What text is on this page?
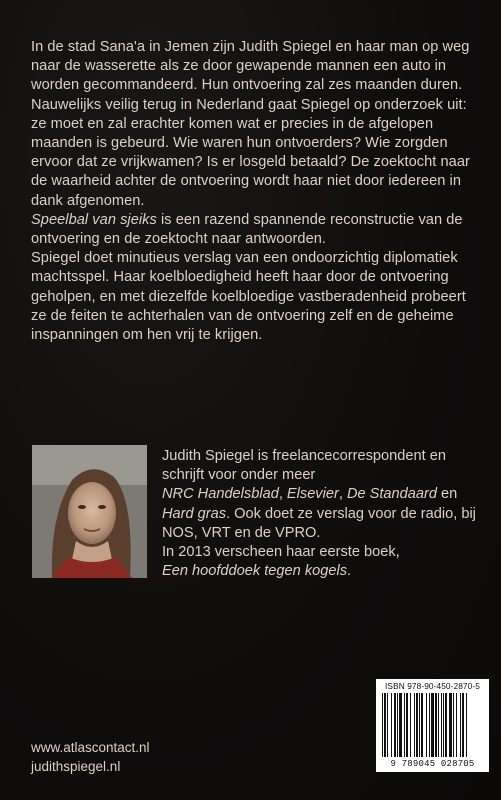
In de stad Sana'a in Jemen zijn Judith Spiegel en haar man op weg naar de wasserette als ze door gewapende mannen een auto in worden gecommandeerd. Hun ontvoering zal zes maanden duren.

Nauwelijks veilig terug in Nederland gaat Spiegel op onderzoek uit: ze moet en zal erachter komen wat er precies in de afgelopen maanden is gebeurd. Wie waren hun ontvoerders? Wie zorgden ervoor dat ze vrijkwamen? Is er losgeld betaald? De zoektocht naar de waarheid achter de ontvoering wordt haar niet door iedereen in dank afgenomen.

Speelbal van sjeiks is een razend spannende reconstructie van de ontvoering en de zoektocht naar antwoorden.

Spiegel doet minutieus verslag van een ondoorzichtig diplomatiek machtsspel. Haar koelbloedigheid heeft haar door de ontvoering geholpen, en met diezelfde koelbloedige vastberadenheid probeert ze de feiten te achterhalen van de ontvoering zelf en de geheime inspanningen om hen vrij te krijgen.

Judith Spiegel is freelancecorrespondent en schrijft voor onder meer

NRC Handelsblad, Elsevier, De Standaard en Hard gras. Ook doet ze verslag voor de radio, bij NOS, VRT en de VPRO.

In 2013 verscheen haar eerste boek,

Een hoofddoek tegen kogels.

ISBN 978-90-450-2870-5
9 789045 028705
www.atlascontact.nl
judithspiegel.nl
